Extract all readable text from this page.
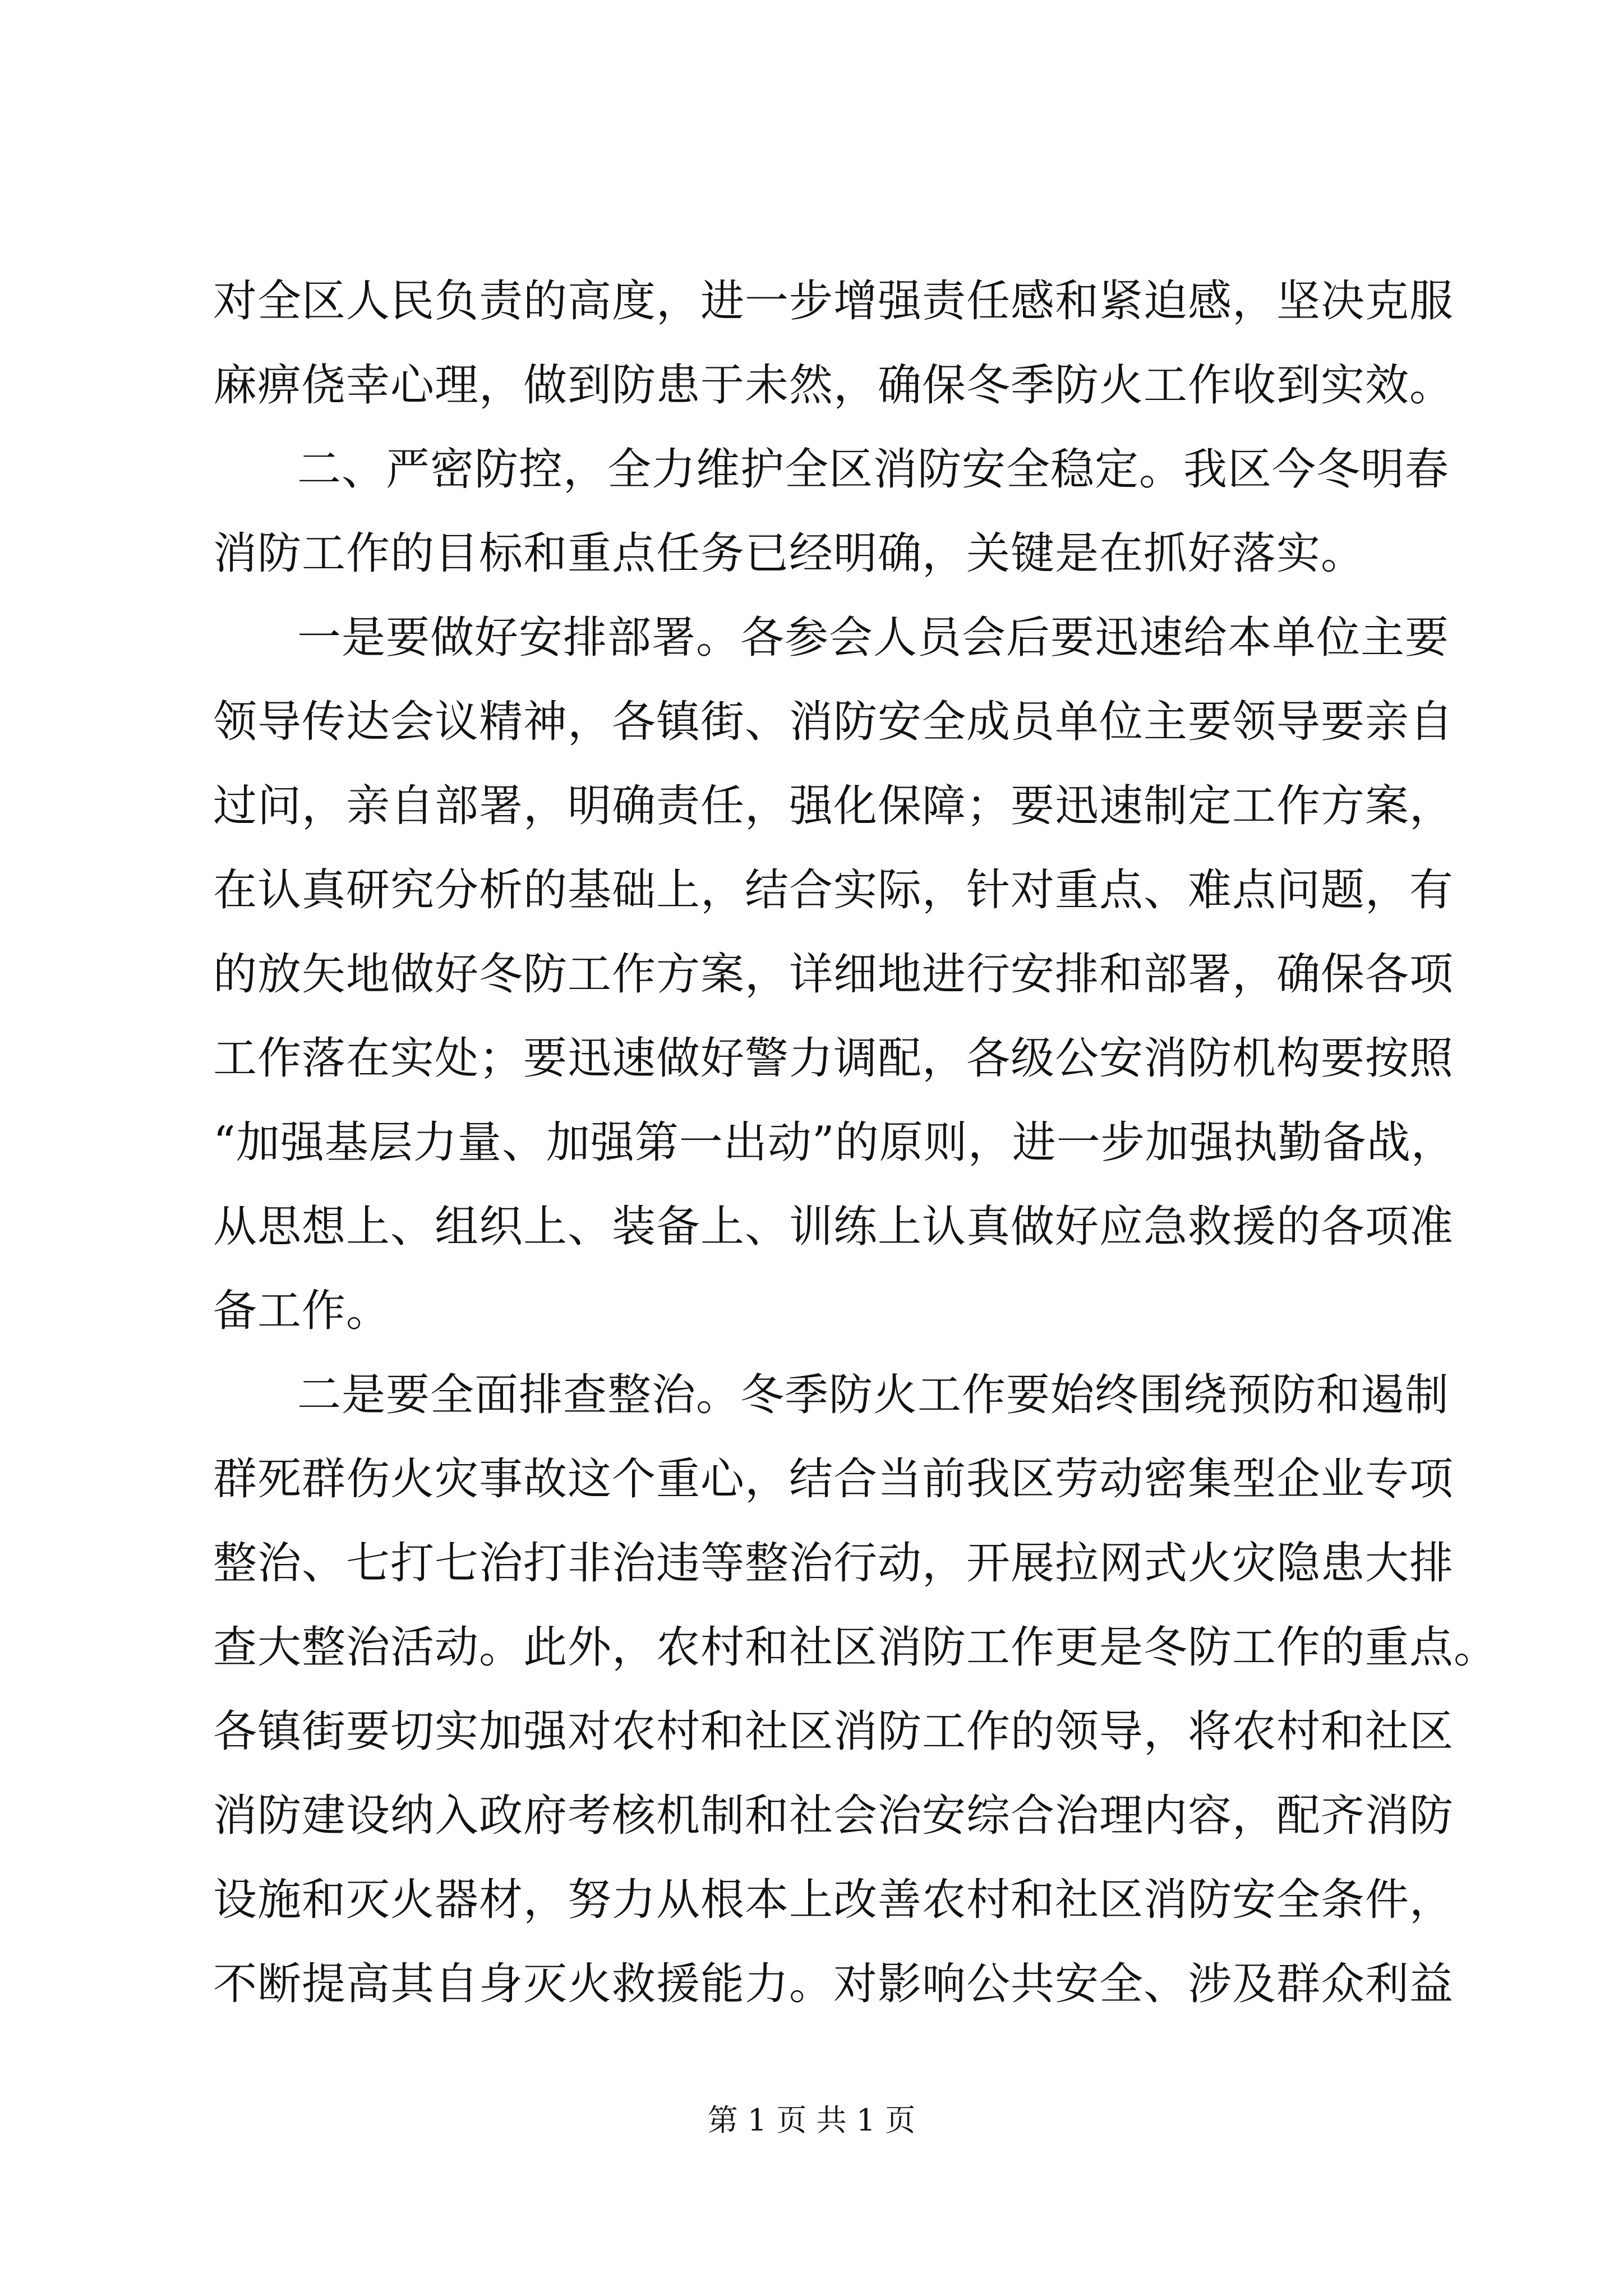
对全区人民负责的高度，进一步增强责任感和紧迫感，坚决克服
麻痹侥幸心理，做到防患于未然，确保冬季防火工作收到实效。
二、严密防控，全力维护全区消防安全稳定。我区今冬明春
消防工作的目标和重点任务已经明确，关键是在抓好落实。
一是要做好安排部署。各参会人员会后要迅速给本单位主要
领导传达会议精神，各镇街、消防安全成员单位主要领导要亲自
过问，亲自部署，明确责任，强化保障；要迅速制定工作方案，
在认真研究分析的基础上，结合实际，针对重点、难点问题，有
的放矢地做好冬防工作方案，详细地进行安排和部署，确保各项
工作落在实处；要迅速做好警力调配，各级公安消防机构要按照
“加强基层力量、加强第一出动”的原则，进一步加强执勤备战，
从思想上、组织上、装备上、训练上认真做好应急救援的各项准
备工作。
二是要全面排查整治。冬季防火工作要始终围绕预防和遏制
群死群伤火灾事故这个重心，结合当前我区劳动密集型企业专项
整治、七打七治打非治违等整治行动，开展拉网式火灾隐患大排
查大整治活动。此外，农村和社区消防工作更是冬防工作的重点。
各镇街要切实加强对农村和社区消防工作的领导，将农村和社区
消防建设纳入政府考核机制和社会治安综合治理内容，配齐消防
设施和灭火器材，努力从根本上改善农村和社区消防安全条件，
不断提高其自身灭火救援能力。对影响公共安全、涉及群众利益
第 1 页 共 1 页
